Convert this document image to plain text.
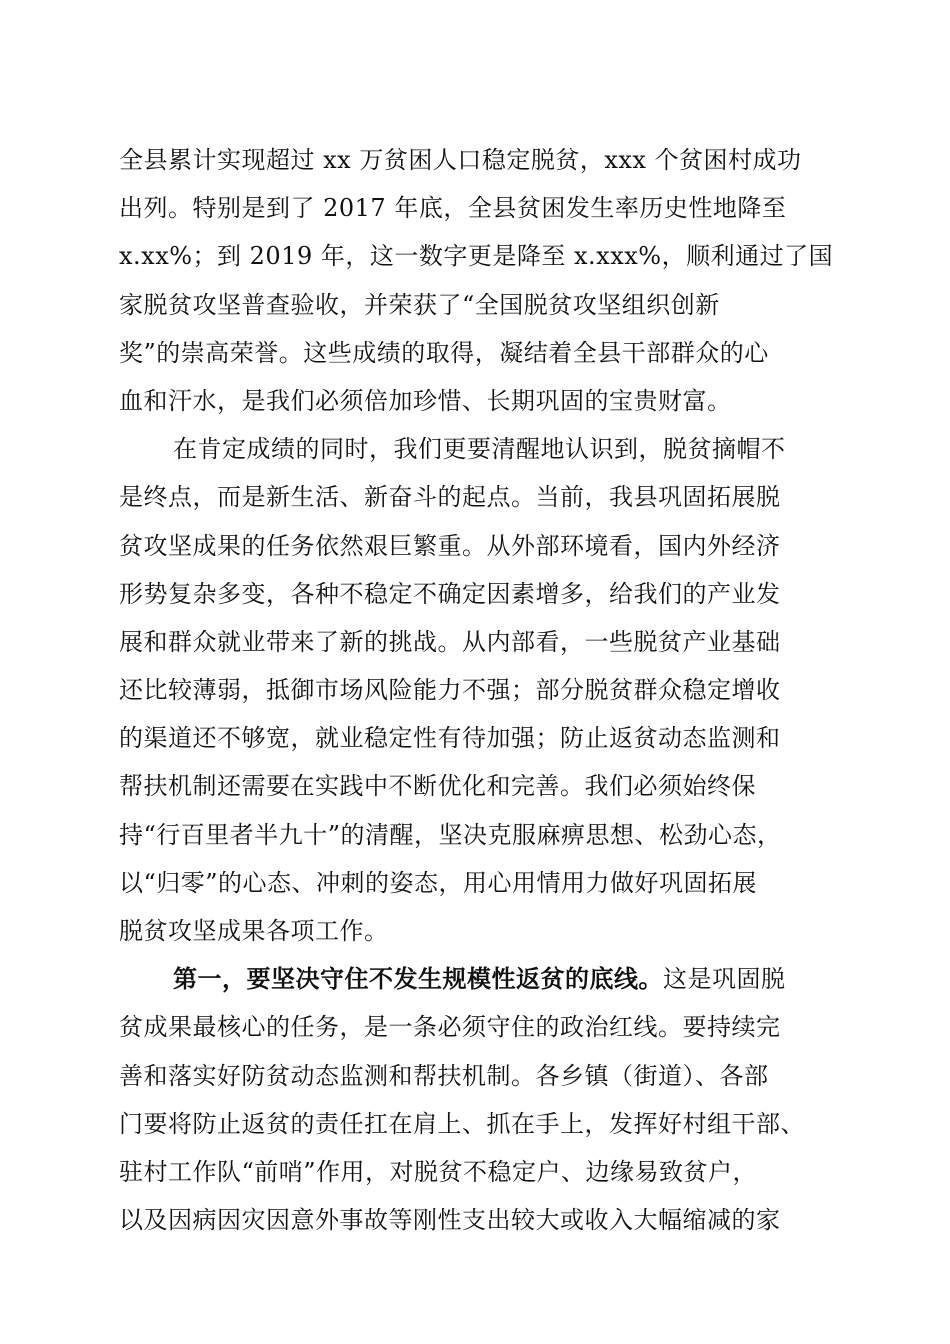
全县累计实现超过 xx 万贫困人口稳定脱贫，xxx 个贫困村成功
出列。特别是到了 2017 年底，全县贫困发生率历史性地降至
x.xx%；到 2019 年，这一数字更是降至 x.xxx%，顺利通过了国
家脱贫攻坚普查验收，并荣获了“全国脱贫攻坚组织创新
奖”的崇高荣誉。这些成绩的取得，凝结着全县干部群众的心
血和汗水，是我们必须倍加珍惜、长期巩固的宝贵财富。
在肯定成绩的同时，我们更要清醒地认识到，脱贫摘帽不
是终点，而是新生活、新奋斗的起点。当前，我县巩固拓展脱
贫攻坚成果的任务依然艰巨繁重。从外部环境看，国内外经济
形势复杂多变，各种不稳定不确定因素增多，给我们的产业发
展和群众就业带来了新的挑战。从内部看，一些脱贫产业基础
还比较薄弱，抵御市场风险能力不强；部分脱贫群众稳定增收
的渠道还不够宽，就业稳定性有待加强；防止返贫动态监测和
帮扶机制还需要在实践中不断优化和完善。我们必须始终保
持“行百里者半九十”的清醒，坚决克服麻痹思想、松劲心态，
以“归零”的心态、冲刺的姿态，用心用情用力做好巩固拓展
脱贫攻坚成果各项工作。
第一，要坚决守住不发生规模性返贫的底线。这是巩固脱
贫成果最核心的任务，是一条必须守住的政治红线。要持续完
善和落实好防贫动态监测和帮扶机制。各乡镇（街道）、各部
门要将防止返贫的责任扛在肩上、抓在手上，发挥好村组干部、
驻村工作队“前哨”作用，对脱贫不稳定户、边缘易致贫户，
以及因病因灾因意外事故等刚性支出较大或收入大幅缩减的家
